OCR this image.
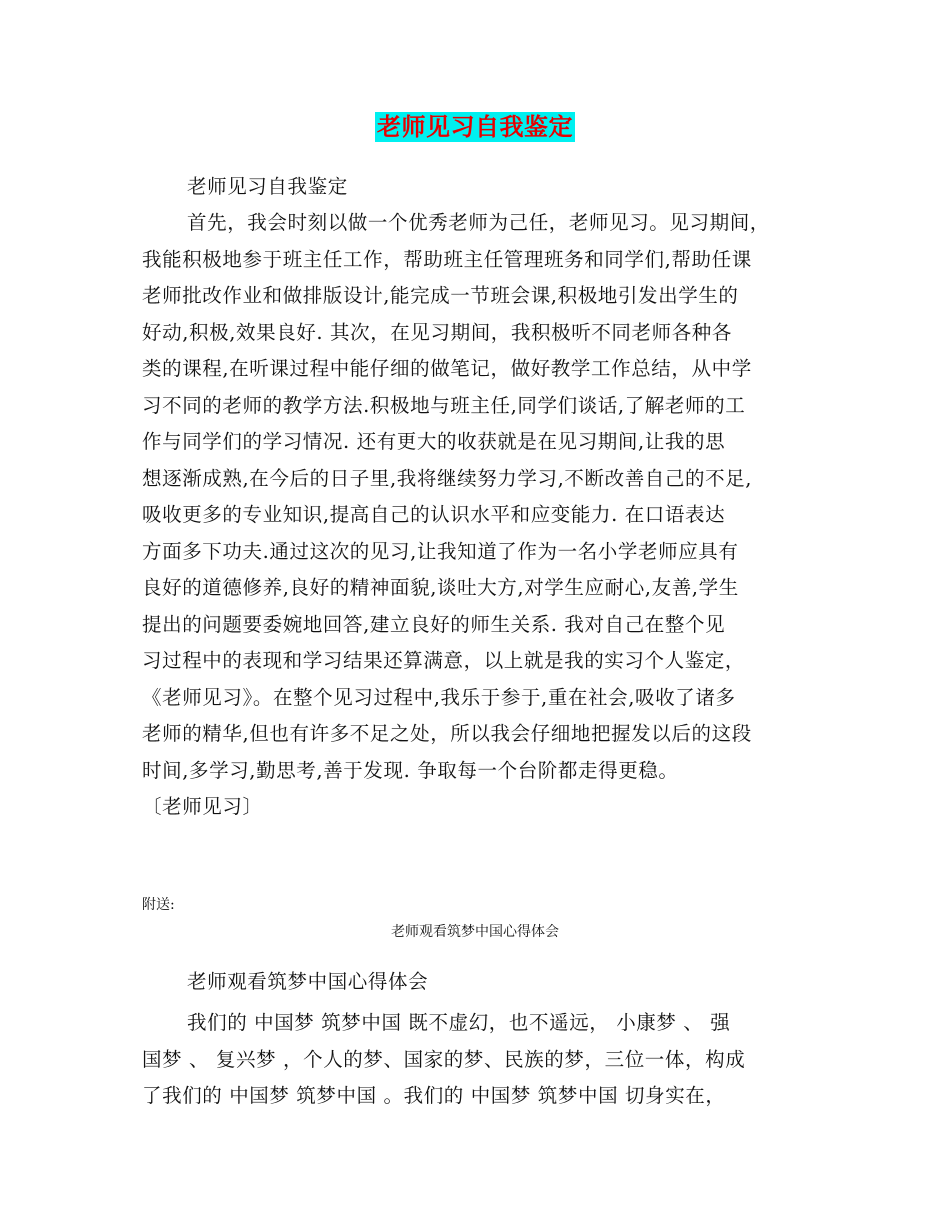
老师见习自我鉴定
老师见习自我鉴定
首先，我会时刻以做一个优秀老师为己任，老师见习。见习期间，
我能积极地参于班主任工作，帮助班主任管理班务和同学们,帮助任课
老师批改作业和做排版设计,能完成一节班会课,积极地引发出学生的
好动,积极,效果良好. 其次，在见习期间，我积极听不同老师各种各
类的课程,在听课过程中能仔细的做笔记，做好教学工作总结，从中学
习不同的老师的教学方法.积极地与班主任,同学们谈话,了解老师的工
作与同学们的学习情况. 还有更大的收获就是在见习期间,让我的思
想逐渐成熟,在今后的日子里,我将继续努力学习,不断改善自己的不足,
吸收更多的专业知识,提高自己的认识水平和应变能力. 在口语表达
方面多下功夫.通过这次的见习,让我知道了作为一名小学老师应具有
良好的道德修养,良好的精神面貌,谈吐大方,对学生应耐心,友善,学生
提出的问题要委婉地回答,建立良好的师生关系. 我对自己在整个见
习过程中的表现和学习结果还算满意，以上就是我的实习个人鉴定，
《老师见习》。在整个见习过程中,我乐于参于,重在社会,吸收了诸多
老师的精华,但也有许多不足之处，所以我会仔细地把握发以后的这段
时间,多学习,勤思考,善于发现. 争取每一个台阶都走得更稳。
〔老师见习〕
附送:
老师观看筑梦中国心得体会
老师观看筑梦中国心得体会
我们的 中国梦 筑梦中国 既不虚幻，也不遥远， 小康梦 、 强
国梦 、 复兴梦 ，个人的梦、国家的梦、民族的梦，三位一体，构成
了我们的 中国梦 筑梦中国 。我们的 中国梦 筑梦中国 切身实在，
